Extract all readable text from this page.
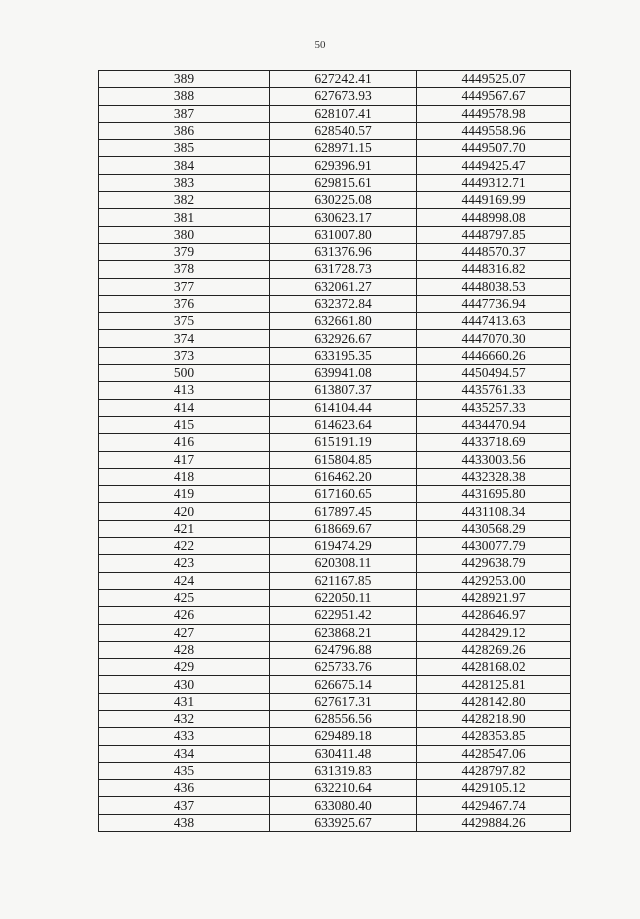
50
389	627242.41	4449525.07
388	627673.93	4449567.67
387	628107.41	4449578.98
386	628540.57	4449558.96
385	628971.15	4449507.70
384	629396.91	4449425.47
383	629815.61	4449312.71
382	630225.08	4449169.99
381	630623.17	4448998.08
380	631007.80	4448797.85
379	631376.96	4448570.37
378	631728.73	4448316.82
377	632061.27	4448038.53
376	632372.84	4447736.94
375	632661.80	4447413.63
374	632926.67	4447070.30
373	633195.35	4446660.26
500	639941.08	4450494.57
413	613807.37	4435761.33
414	614104.44	4435257.33
415	614623.64	4434470.94
416	615191.19	4433718.69
417	615804.85	4433003.56
418	616462.20	4432328.38
419	617160.65	4431695.80
420	617897.45	4431108.34
421	618669.67	4430568.29
422	619474.29	4430077.79
423	620308.11	4429638.79
424	621167.85	4429253.00
425	622050.11	4428921.97
426	622951.42	4428646.97
427	623868.21	4428429.12
428	624796.88	4428269.26
429	625733.76	4428168.02
430	626675.14	4428125.81
431	627617.31	4428142.80
432	628556.56	4428218.90
433	629489.18	4428353.85
434	630411.48	4428547.06
435	631319.83	4428797.82
436	632210.64	4429105.12
437	633080.40	4429467.74
438	633925.67	4429884.26
